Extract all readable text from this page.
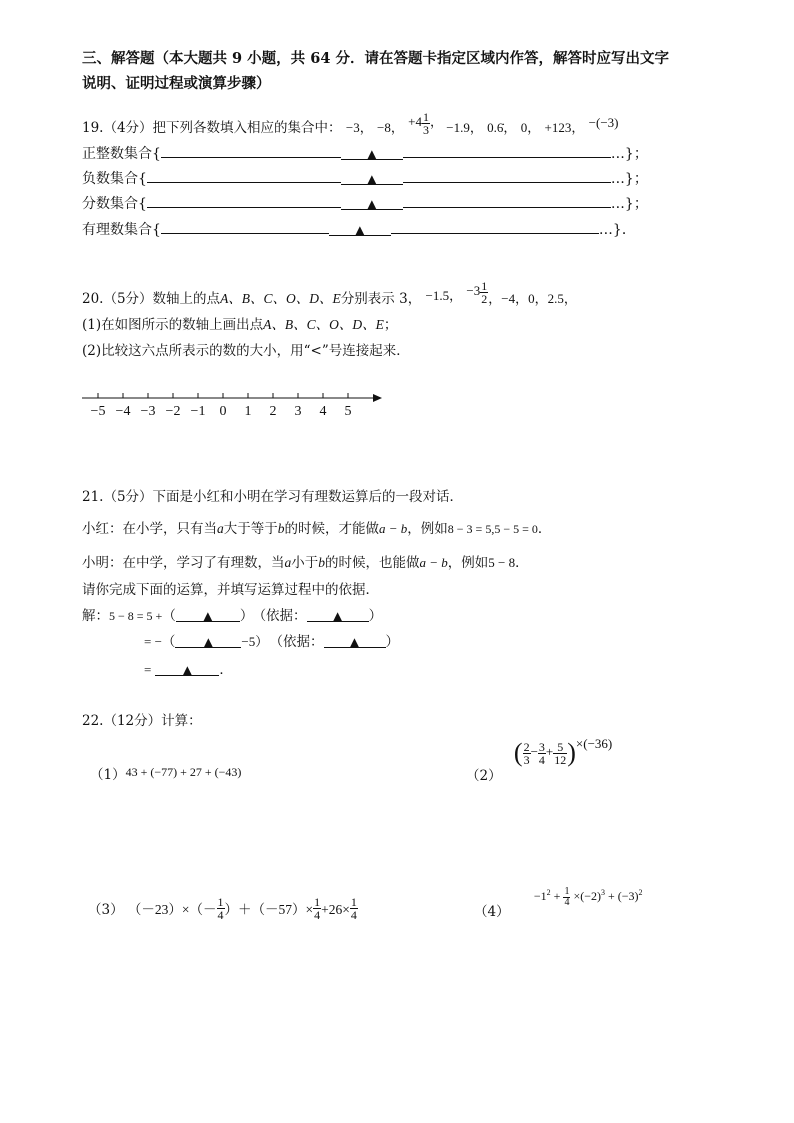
三、解答题（本大题共 9 小题，共 64 分．请在答题卡指定区域内作答，解答时应写出文字
说明、证明过程或演算步骤）
19.（4分）把下列各数填入相应的集合中： −3， −8， $+4 \frac{1}{3}$ ， −1.9， 0.6̇， 0， +123， −(−3)
正整数集合{	▲	…}；
负数集合{	▲	…}；
分数集合{	▲	…}；
有理数集合{	▲	…}．
20.（5分）数轴上的点A、B、C、O、D、E分别表示 3， −1.5， $-3 \frac{1}{2}$ ，−4，0，2.5，
(1)在如图所示的数轴上画出点A、B、C、O、D、E；
(2)比较这六点所表示的数的大小，用“<”号连接起来．
−5 −4 −3 −2 −1 0 1 2 3 4 5
21.（5分）下面是小红和小明在学习有理数运算后的一段对话．
小红：在小学，只有当a大于等于b的时候，才能做a − b，例如8 − 3 = 5,5 − 5 = 0．
小明：在中学，学习了有理数，当a小于b的时候，也能做a − b，例如5 − 8．
请你完成下面的运算，并填写运算过程中的依据．
解：5 − 8 = 5 +（ ▲ ） （依据： ▲ ）
= −（ ▲ −5） （依据： ▲ ）
=	▲ ．
22.（12分）计算：
（1）43 + (−77) + 27 + (−43)	（2） ( $\frac{2}{3} - \frac{3}{4} + \frac{5}{12} )\times(-36)$
（3） $(-23)\times(- \frac{1}{4} )+(-57)\times \frac{1}{4} +26\times \frac{1}{4}$	$(4) -1^2 + \frac{1}{4} \times(-2)^3 + (-3)^2$
